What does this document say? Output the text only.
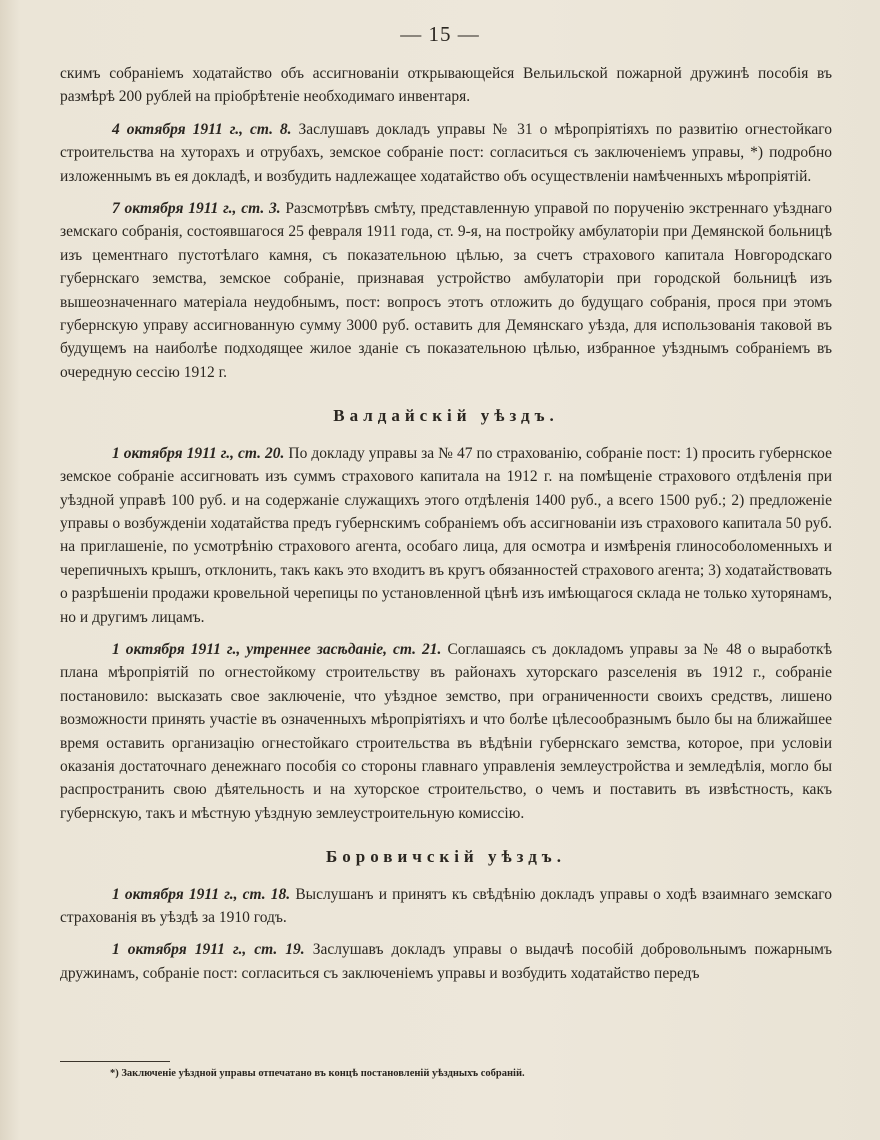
— 15 —

скимъ собраніемъ ходатайство объ ассигнованіи открывающейся Вельильской пожарной дружинѣ пособія въ размѣрѣ 200 рублей на пріобрѣтеніе необходимаго инвентаря.

4 октября 1911 г., ст. 8. Заслушавъ докладъ управы № 31 о мѣропріятіяхъ по развитію огнестойкаго строительства на хуторахъ и отрубахъ, земское собраніе пост: согласиться съ заключеніемъ управы, *) подробно изложеннымъ въ ея докладѣ, и возбудить надлежащее ходатайство объ осуществленіи намѣченныхъ мѣропріятій.

7 октября 1911 г., ст. 3. Разсмотрѣвъ смѣту, представленную управой по порученію экстреннаго уѣзднаго земскаго собранія, состоявшагося 25 февраля 1911 года, ст. 9-я, на постройку амбулаторіи при Демянской больницѣ изъ цементнаго пустотѣлаго камня, съ показательною цѣлью, за счетъ страхового капитала Новгородскаго губернскаго земства, земское собраніе, признавая устройство амбулаторіи при городской больницѣ изъ вышеозначеннаго матеріала неудобнымъ, пост: вопросъ этотъ отложить до будущаго собранія, прося при этомъ губернскую управу ассигнованную сумму 3000 руб. оставить для Демянскаго уѣзда, для использованія таковой въ будущемъ на наиболѣе подходящее жилое зданіе съ показательною цѣлью, избранное уѣзднымъ собраніемъ въ очередную сессію 1912 г.

Валдайскій уѣздъ.

1 октября 1911 г., ст. 20. По докладу управы за № 47 по страхованію, собраніе пост: 1) просить губернское земское собраніе ассигновать изъ суммъ страхового капитала на 1912 г. на помѣщеніе страхового отдѣленія при уѣздной управѣ 100 руб. и на содержаніе служащихъ этого отдѣленія 1400 руб., а всего 1500 руб.; 2) предложеніе управы о возбужденіи ходатайства предъ губернскимъ собраніемъ объ ассигнованіи изъ страхового капитала 50 руб. на приглашеніе, по усмотрѣнію страхового агента, особаго лица, для осмотра и измѣренія глинособоломенныхъ и черепичныхъ крышъ, отклонить, такъ какъ это входитъ въ кругъ обязанностей страхового агента; 3) ходатайствовать о разрѣшеніи продажи кровельной черепицы по установленной цѣнѣ изъ имѣющагося склада не только хуторянамъ, но и другимъ лицамъ.

1 октября 1911 г., утреннее засѣданіе, ст. 21. Соглашаясь съ докладомъ управы за № 48 о выработкѣ плана мѣропріятій по огнестойкому строительству въ районахъ хуторскаго разселенія въ 1912 г., собраніе постановило: высказать свое заключеніе, что уѣздное земство, при ограниченности своихъ средствъ, лишено возможности принять участіе въ означенныхъ мѣропріятіяхъ и что болѣе цѣлесообразнымъ было бы на ближайшее время оставить организацію огнестойкаго строительства въ вѣдѣніи губернскаго земства, которое, при условіи оказанія достаточнаго денежнаго пособія со стороны главнаго управленія землеустройства и земледѣлія, могло бы распространить свою дѣятельность и на хуторское строительство, о чемъ и поставить въ извѣстность, какъ губернскую, такъ и мѣстную уѣздную землеустроительную комиссію.

Боровичскій уѣздъ.

1 октября 1911 г., ст. 18. Выслушанъ и принятъ къ свѣдѣнію докладъ управы о ходѣ взаимнаго земскаго страхованія въ уѣздѣ за 1910 годъ.

1 октября 1911 г., ст. 19. Заслушавъ докладъ управы о выдачѣ пособій добровольнымъ пожарнымъ дружинамъ, собраніе пост: согласиться съ заключеніемъ управы и возбудить ходатайство передъ

*) Заключеніе уѣздной управы отпечатано въ концѣ постановленій уѣздныхъ собраній.
